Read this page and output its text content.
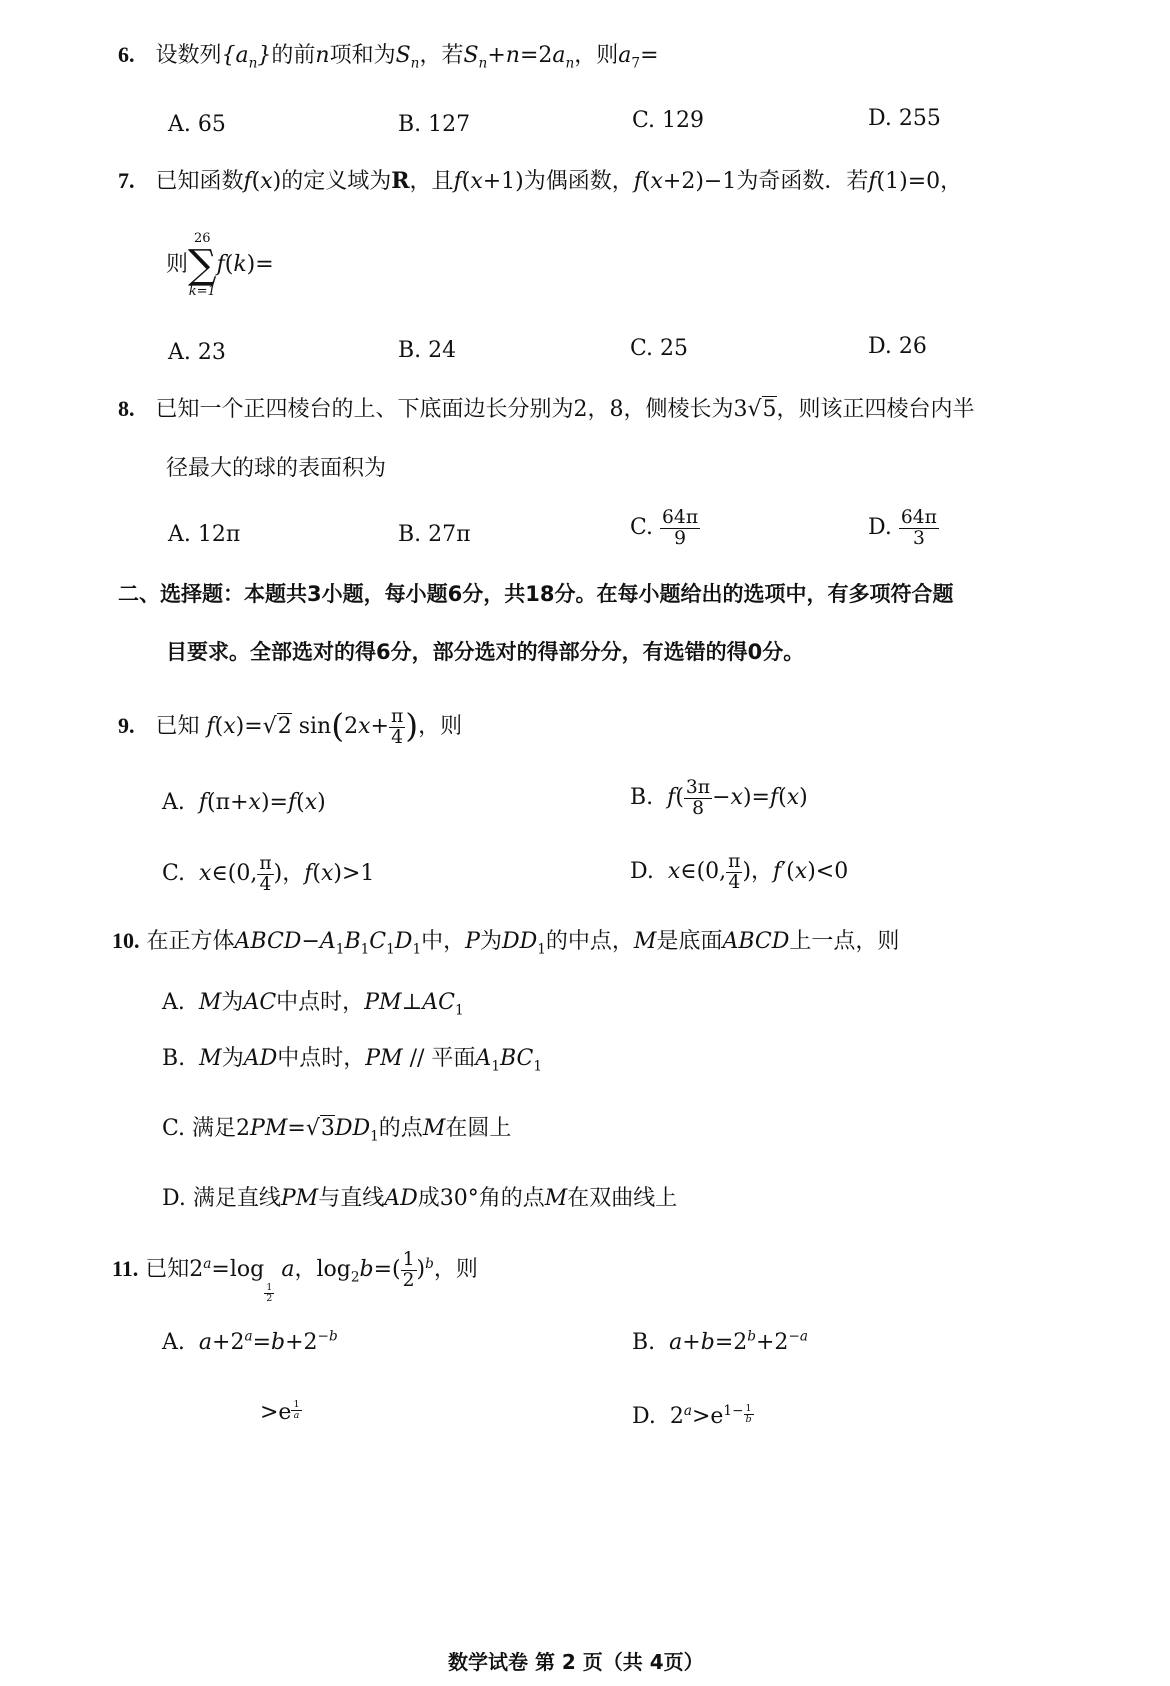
6.   设数列$\{a_n\}$的前n项和为$S_n$，若$S_n+n=2a_n$，则$a_7=$
A. 65	B. 127	C. 129	D. 255
7.   已知函数f(x)的定义域为R，且f(x+1)为偶函数，f(x+2)−1为奇函数．若f(1)=0，
则
26
∑
k=1
f(k)=
A. 23	B. 24	C. 25	D. 26
8.   已知一个正四棱台的上、下底面边长分别为2，8，侧棱长为3√5，则该正四棱台内半
径最大的球的表面积为
A. 12π	B. 27π	C. $\frac{64\pi}{9}$	D. $\frac{64\pi}{3}$
二、选择题：本题共3小题，每小题6分，共18分。在每小题给出的选项中，有多项符合题
目要求。全部选对的得6分，部分选对的得部分分，有选错的得0分。
9.   已知 f(x)=√2 $\sin(2x+ \frac{\pi}{4}$ )，则
A. f(π+x)=f(x)	B. $f( \frac{3\pi}{8} -x)=f(x)$
C. x∈(0, $\frac{\pi}{4}$ )，f(x)>1	D. x∈(0, $\frac{\pi}{4}$ )，f′(x)<0
10. 在正方体$ABCD-A_1B_1C_1D_1$中，P为$DD_1$的中点，M是底面ABCD上一点，则
A. M为AC中点时，$PM\perp AC_1$
B. M为AD中点时，PM // 平面$A_1BC_1$
C. 满足$2PM=√3DD_1$的点M在圆上
D. 满足直线PM与直线AD成30°角的点M在双曲线上
11. 已知$2^a=\log$
$_{\frac{1}{2}}$
a，$\log_2b=( \frac{1}{2} )^b$，则
A. $a+2^a=b+2^{-b}$	B. $a+b=2^b+2^{-a}$
>e $^{\frac{1}{a}}$	D.  $2^a>e^{1- \frac{1}{b}}$
数学试卷 第 2 页（共 4页）
